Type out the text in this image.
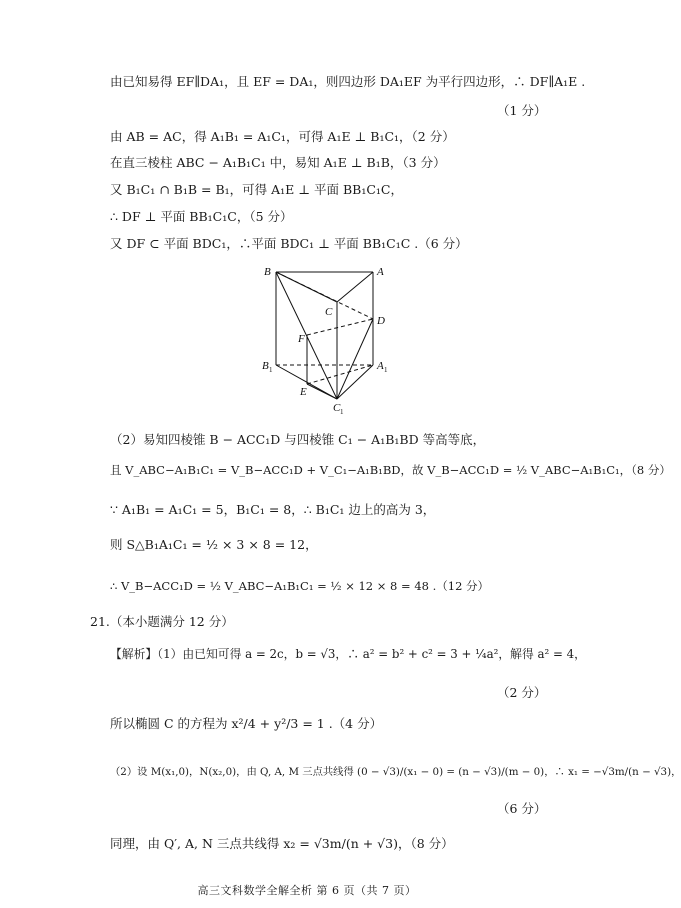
由已知易得 EF∥DA₁，且 EF = DA₁，则四边形 DA₁EF 为平行四边形，∴ DF∥A₁E .
（1 分）
由 AB = AC，得 A₁B₁ = A₁C₁，可得 A₁E ⊥ B₁C₁，（2 分）
在直三棱柱 ABC − A₁B₁C₁ 中，易知 A₁E ⊥ B₁B，（3 分）
又 B₁C₁ ∩ B₁B = B₁，可得 A₁E ⊥ 平面 BB₁C₁C，
∴ DF ⊥ 平面 BB₁C₁C，（5 分）
又 DF ⊂ 平面 BDC₁，∴平面 BDC₁ ⊥ 平面 BB₁C₁C .（6 分）
B	A
C
D
F
B 1	A 1
E
C 1
（2）易知四棱锥 B − ACC₁D 与四棱锥 C₁ − A₁B₁BD 等高等底，
且 V_ABC−A₁B₁C₁ = V_B−ACC₁D + V_C₁−A₁B₁BD，故 V_B−ACC₁D = ½ V_ABC−A₁B₁C₁，（8 分）
∵ A₁B₁ = A₁C₁ = 5，B₁C₁ = 8，∴ B₁C₁ 边上的高为 3，
则 S△B₁A₁C₁ = ½ × 3 × 8 = 12，
∴ V_B−ACC₁D = ½ V_ABC−A₁B₁C₁ = ½ × 12 × 8 = 48 .（12 分）
21.（本小题满分 12 分）
【解析】（1）由已知可得 a = 2c，b = √3，∴ a² = b² + c² = 3 + ¼a²，解得 a² = 4，
（2 分）
所以椭圆 C 的方程为 x²/4 + y²/3 = 1 .（4 分）
（2）设 M(x₁,0)，N(x₂,0)，由 Q, A, M 三点共线得 (0 − √3)/(x₁ − 0) = (n − √3)/(m − 0)，∴ x₁ = −√3m/(n − √3)，
（6 分）
同理，由 Q′, A, N 三点共线得 x₂ = √3m/(n + √3)，（8 分）
高三文科数学全解全析 第 6 页（共 7 页）
